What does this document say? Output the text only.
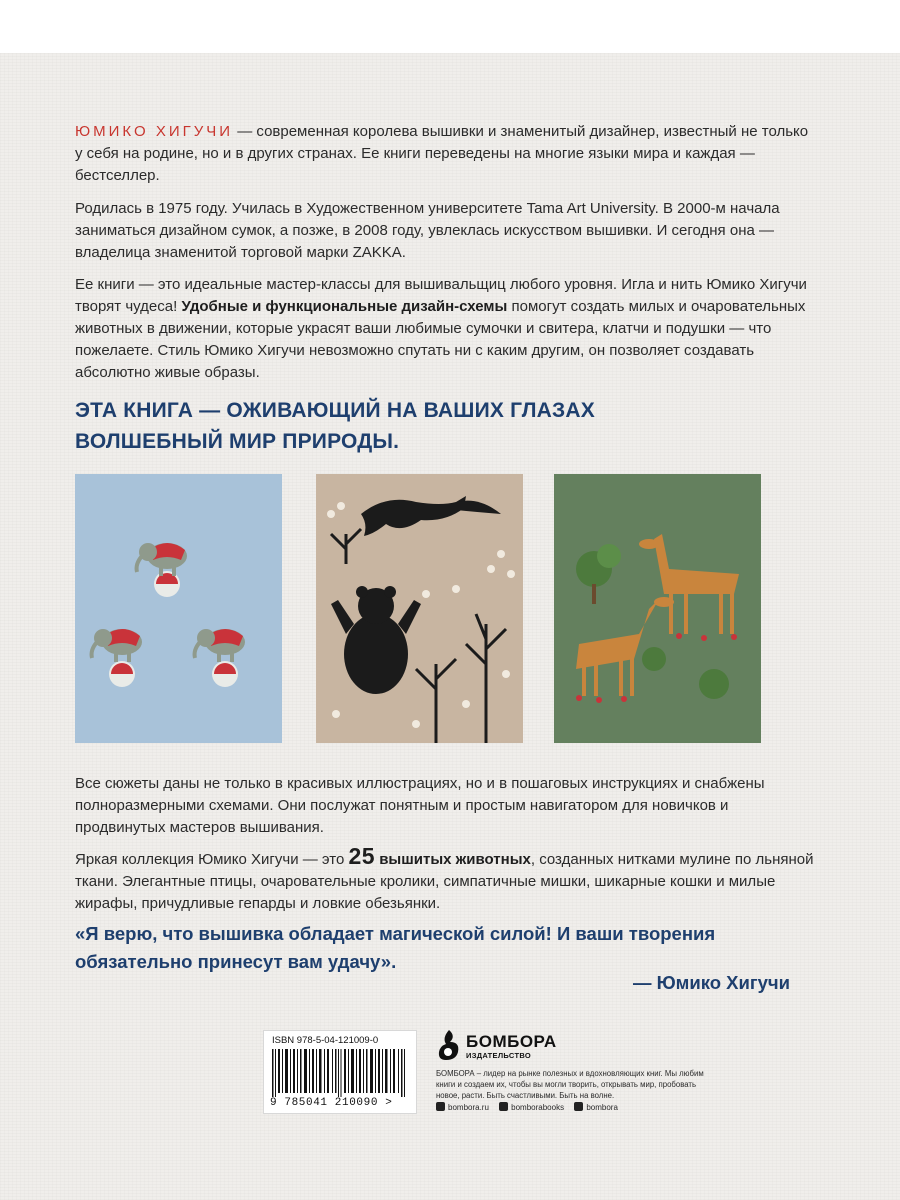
ЮМИКО ХИГУЧИ — современная королева вышивки и знаменитый дизайнер, известный не только у себя на родине, но и в других странах. Ее книги переведены на многие языки мира и каждая — бестселлер.

Родилась в 1975 году. Училась в Художественном университете Tama Art University. В 2000-м начала заниматься дизайном сумок, а позже, в 2008 году, увлеклась искусством вышивки. И сегодня она — владелица знаменитой торговой марки ZAKKA.

Ее книги — это идеальные мастер-классы для вышивальщиц любого уровня. Игла и нить Юмико Хигучи творят чудеса! Удобные и функциональные дизайн-схемы помогут создать милых и очаровательных животных в движении, которые украсят ваши любимые сумочки и свитера, клатчи и подушки — что пожелаете. Стиль Юмико Хигучи невозможно спутать ни с каким другим, он позволяет создавать абсолютно живые образы.

ЭТА КНИГА — ОЖИВАЮЩИЙ НА ВАШИХ ГЛАЗАХ
ВОЛШЕБНЫЙ МИР ПРИРОДЫ.

Все сюжеты даны не только в красивых иллюстрациях, но и в пошаговых инструкциях и снабжены полноразмерными схемами. Они послужат понятным и простым навигатором для новичков и продвинутых мастеров вышивания.

Яркая коллекция Юмико Хигучи — это 25 вышитых животных, созданных нитками мулине по льняной ткани. Элегантные птицы, очаровательные кролики, симпатичные мишки, шикарные кошки и милые жирафы, причудливые гепарды и ловкие обезьянки.

«Я верю, что вышивка обладает магической силой! И ваши творения
обязательно принесут вам удачу».
— Юмико Хигучи
ISBN 978-5-04-121009-0
9 785041 210090 >
БОМБОРА
ИЗДАТЕЛЬСТВО

БОМБОРА – лидер на рынке полезных и вдохновляющих книг. Мы любим книги и создаем их, чтобы вы могли творить, открывать мир, пробовать новое, расти. Быть счастливыми. Быть на волне.

bombora.ru	bomborabooks	bombora
